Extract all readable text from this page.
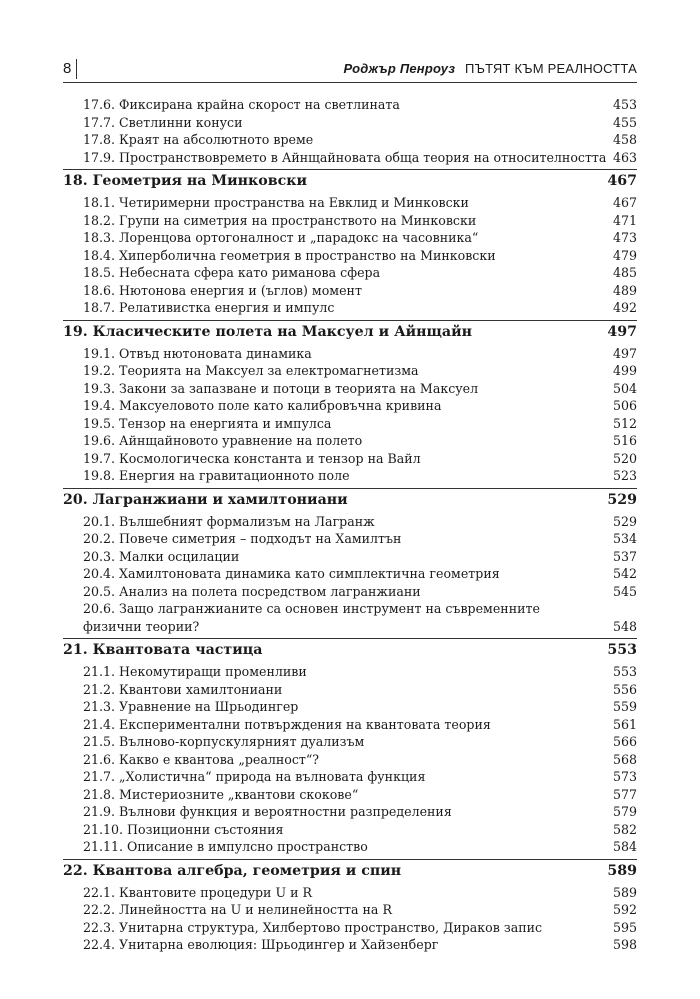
8	Роджър Пенроуз ПЪТЯТ КЪМ РЕАЛНОСТТА
17.6. Фиксирана крайна скорост на светлината	453
17.7. Светлинни конуси	455
17.8. Краят на абсолютното време	458
17.9. Пространствовремето в Айнщайновата обща теория на относителността 463
18. Геометрия на Минковски	467
18.1. Четиримерни пространства на Евклид и Минковски	467
18.2. Групи на симетрия на пространството на Минковски	471
18.3. Лоренцова ортогоналност и „парадокс на часовника“	473
18.4. Хиперболична геометрия в пространство на Минковски	479
18.5. Небесната сфера като риманова сфера	485
18.6. Нютонова енергия и (ъглов) момент	489
18.7. Релативистка енергия и импулс	492
19. Класическите полета на Максуел и Айнщайн	497
19.1. Отвъд нютоновата динамика	497
19.2. Теорията на Максуел за електромагнетизма	499
19.3. Закони за запазване и потоци в теорията на Максуел	504
19.4. Максуеловото поле като калибровъчна кривина	506
19.5. Тензор на енергията и импулса	512
19.6. Айнщайновото уравнение на полето	516
19.7. Космологическа константа и тензор на Вайл	520
19.8. Енергия на гравитационното поле	523
20. Лагранжиани и хамилтониани	529
20.1. Вълшебният формализъм на Лагранж	529
20.2. Повече симетрия – подходът на Хамилтън	534
20.3. Малки осцилации	537
20.4. Хамилтоновата динамика като симплектична геометрия	542
20.5. Анализ на полета посредством лагранжиани	545
20.6. Защо лагранжианите са основен инструмент на съвременните
физични теории?	548
21. Квантовата частица	553
21.1. Некомутиращи променливи	553
21.2. Квантови хамилтониани	556
21.3. Уравнение на Шрьодингер	559
21.4. Експериментални потвърждения на квантовата теория	561
21.5. Вълново-корпускулярният дуализъм	566
21.6. Какво е квантова „реалност“?	568
21.7. „Холистична“ природа на вълновата функция	573
21.8. Мистериозните „квантови скокове“	577
21.9. Вълнови функция и вероятностни разпределения	579
21.10. Позиционни състояния	582
21.11. Описание в импулсно пространство	584
22. Квантова алгебра, геометрия и спин	589
22.1. Квантовите процедури U и R	589
22.2. Линейността на U и нелинейността на R	592
22.3. Унитарна структура, Хилбертово пространство, Дираков запис	595
22.4. Унитарна еволюция: Шрьодингер и Хайзенберг	598
